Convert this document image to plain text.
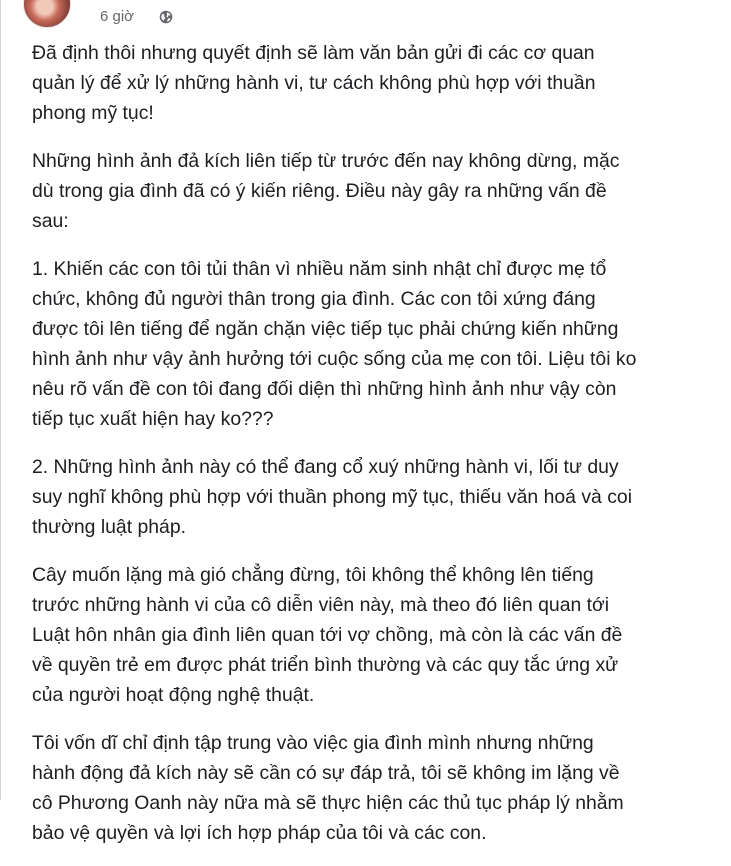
6 giờ

Đã định thôi nhưng quyết định sẽ làm văn bản gửi đi các cơ quan
quản lý để xử lý những hành vi, tư cách không phù hợp với thuần
phong mỹ tục!

Những hình ảnh đả kích liên tiếp từ trước đến nay không dừng, mặc
dù trong gia đình đã có ý kiến riêng. Điều này gây ra những vấn đề
sau:

1. Khiến các con tôi tủi thân vì nhiều năm sinh nhật chỉ được mẹ tổ
chức, không đủ người thân trong gia đình. Các con tôi xứng đáng
được tôi lên tiếng để ngăn chặn việc tiếp tục phải chứng kiến những
hình ảnh như vậy ảnh hưởng tới cuộc sống của mẹ con tôi. Liệu tôi ko
nêu rõ vấn đề con tôi đang đối diện thì những hình ảnh như vậy còn
tiếp tục xuất hiện hay ko???

2. Những hình ảnh này có thể đang cổ xuý những hành vi, lối tư duy
suy nghĩ không phù hợp với thuần phong mỹ tục, thiếu văn hoá và coi
thường luật pháp.

Cây muốn lặng mà gió chẳng đừng, tôi không thể không lên tiếng
trước những hành vi của cô diễn viên này, mà theo đó liên quan tới
Luật hôn nhân gia đình liên quan tới vợ chồng, mà còn là các vấn đề
về quyền trẻ em được phát triển bình thường và các quy tắc ứng xử
của người hoạt động nghệ thuật.

Tôi vốn dĩ chỉ định tập trung vào việc gia đình mình nhưng những
hành động đả kích này sẽ cần có sự đáp trả, tôi sẽ không im lặng về
cô Phương Oanh này nữa mà sẽ thực hiện các thủ tục pháp lý nhằm
bảo vệ quyền và lợi ích hợp pháp của tôi và các con.
